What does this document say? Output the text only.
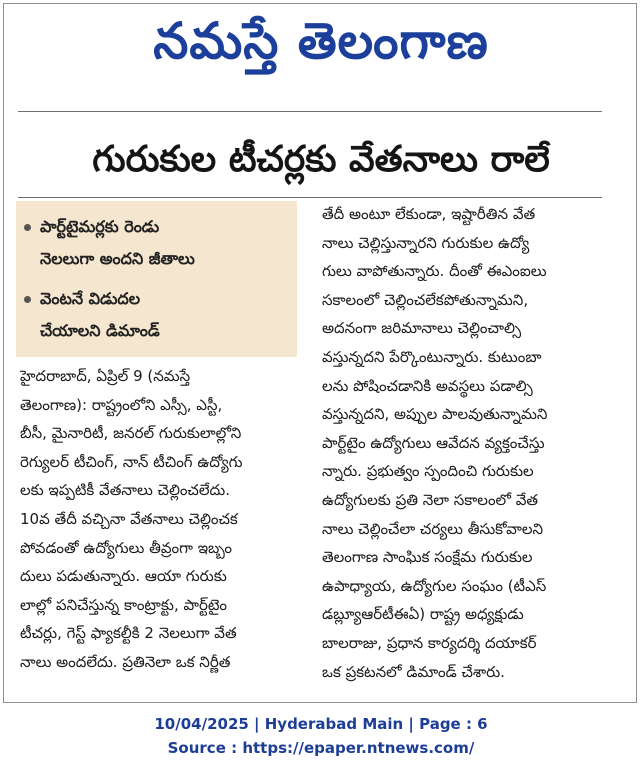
నమస్తే తెలంగాణ
గురుకుల టీచర్లకు వేతనాలు రాలే
పార్ట్‌టైమర్లకు రెండు
నెలలుగా అందని జీతాలు
వెంటనే విడుదల
చేయాలని డిమాండ్
హైదరాబాద్, ఏప్రిల్ 9 (నమస్తే
తెలంగాణ): రాష్ట్రంలోని ఎస్సీ, ఎస్టీ,
బీసీ, మైనారిటీ, జనరల్ గురుకులాల్లోని
రెగ్యులర్ టీచింగ్, నాన్ టీచింగ్ ఉద్యోగు
లకు ఇప్పటికీ వేతనాలు చెల్లించలేదు.
10వ తేదీ వచ్చినా వేతనాలు చెల్లించక
పోవడంతో ఉద్యోగులు తీవ్రంగా ఇబ్బం
దులు పడుతున్నారు. ఆయా గురుకు
లాల్లో పనిచేస్తున్న కాంట్రాక్టు, పార్ట్‌టైం
టీచర్లు, గెస్ట్ ఫ్యాకల్టీకి 2 నెలలుగా వేత
నాలు అందలేదు. ప్రతినెలా ఒక నిర్ణీత
తేదీ అంటూ లేకుండా, ఇష్టారీతిన వేత
నాలు చెల్లిస్తున్నారని గురుకుల ఉద్యో
గులు వాపోతున్నారు. దీంతో ఈఎంఐలు
సకాలంలో చెల్లించలేకపోతున్నామని,
అదనంగా జరిమానాలు చెల్లించాల్సి
వస్తున్నదని పేర్కొంటున్నారు. కుటుంబా
లను పోషించడానికి అవస్థలు పడాల్సి
వస్తున్నదని, అప్పుల పాలవుతున్నామని
పార్ట్‌టైం ఉద్యోగులు ఆవేదన వ్యక్తంచేస్తు
న్నారు. ప్రభుత్వం స్పందించి గురుకుల
ఉద్యోగులకు ప్రతి నెలా సకాలంలో వేత
నాలు చెల్లించేలా చర్యలు తీసుకోవాలని
తెలంగాణ సాంఘిక సంక్షేమ గురుకుల
ఉపాధ్యాయ, ఉద్యోగుల సంఘం (టీఎస్
డబ్ల్యూఆర్‌టీఈఏ) రాష్ట్ర అధ్యక్షుడు
బాలరాజు, ప్రధాన కార్యదర్శి దయాకర్
ఒక ప్రకటనలో డిమాండ్ చేశారు.
10/04/2025 | Hyderabad Main | Page : 6
Source : https://epaper.ntnews.com/
